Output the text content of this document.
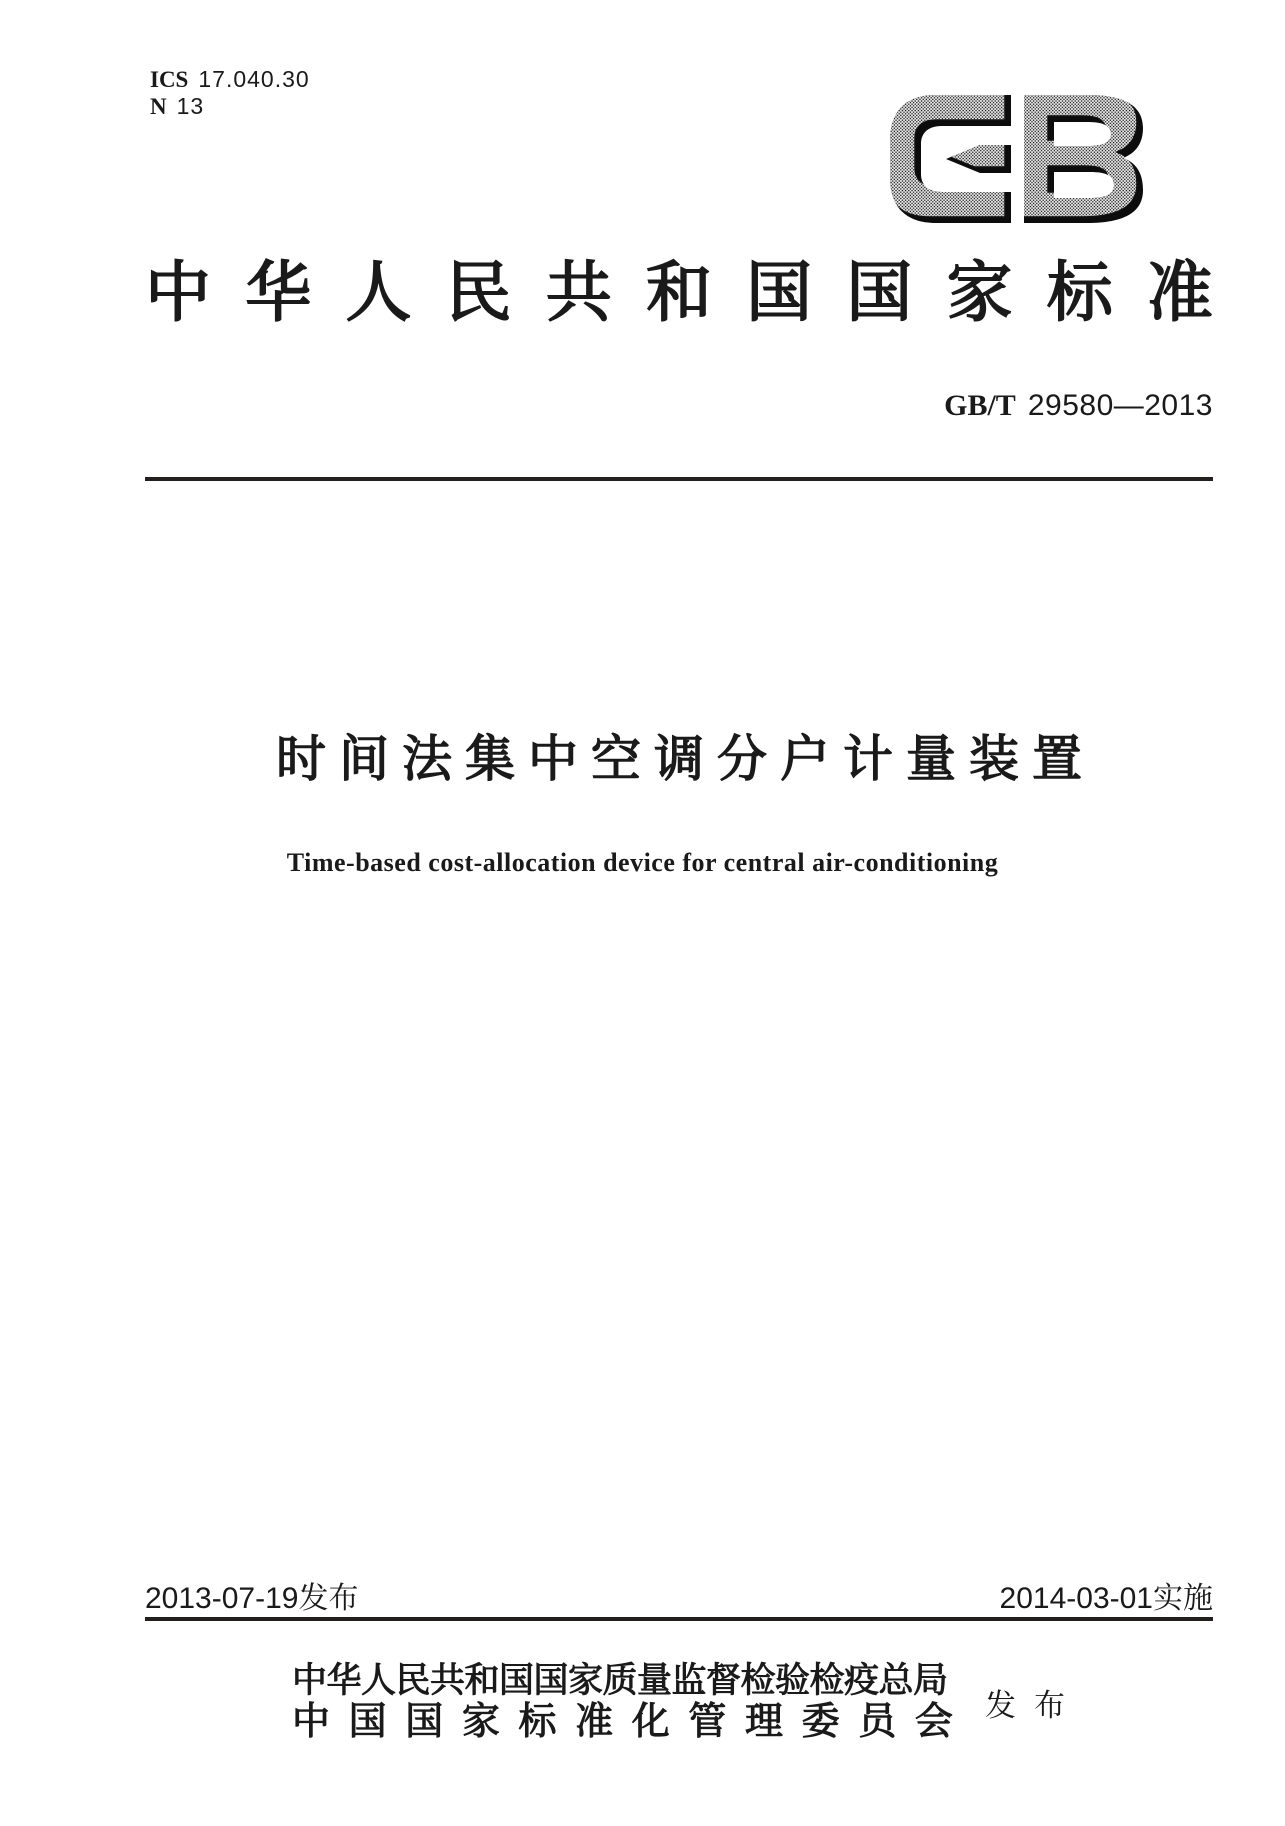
ICS 17.040.30
N 13
中 华 人 民 共 和 国 国 家 标 准
GB/T 29580—2013
时间法集中空调分户计量装置
Time-based cost-allocation device for central air-conditioning
2013-07-19发布	2014-03-01实施
中华人民共和国国家质量监督检验检疫总局
中 国 国 家 标 准 化 管 理 委 员 会 发布
